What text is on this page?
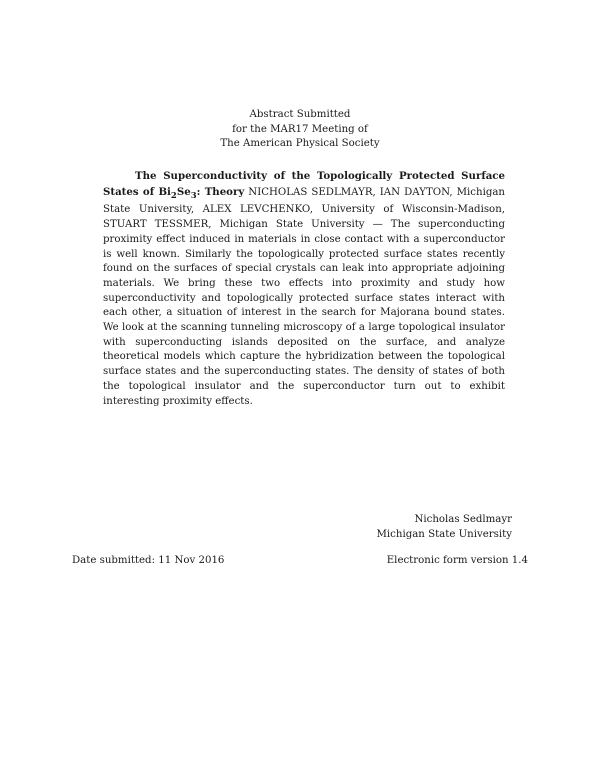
Abstract Submitted
for the MAR17 Meeting of
The American Physical Society

The Superconductivity of the Topologically Protected Surface States of $Bi_2Se_3$: Theory NICHOLAS SEDLMAYR, IAN DAYTON, Michigan State University, ALEX LEVCHENKO, University of Wisconsin-Madison, STUART TESSMER, Michigan State University — The superconducting proximity effect induced in materials in close contact with a superconductor is well known. Similarly the topologically protected surface states recently found on the surfaces of special crystals can leak into appropriate adjoining materials. We bring these two effects into proximity and study how superconductivity and topologically protected surface states interact with each other, a situation of interest in the search for Majorana bound states. We look at the scanning tunneling microscopy of a large topological insulator with superconducting islands deposited on the surface, and analyze theoretical models which capture the hybridization between the topological surface states and the superconducting states. The density of states of both the topological insulator and the superconductor turn out to exhibit interesting proximity effects.

Nicholas Sedlmayr
Michigan State University
Date submitted: 11 Nov 2016	Electronic form version 1.4
